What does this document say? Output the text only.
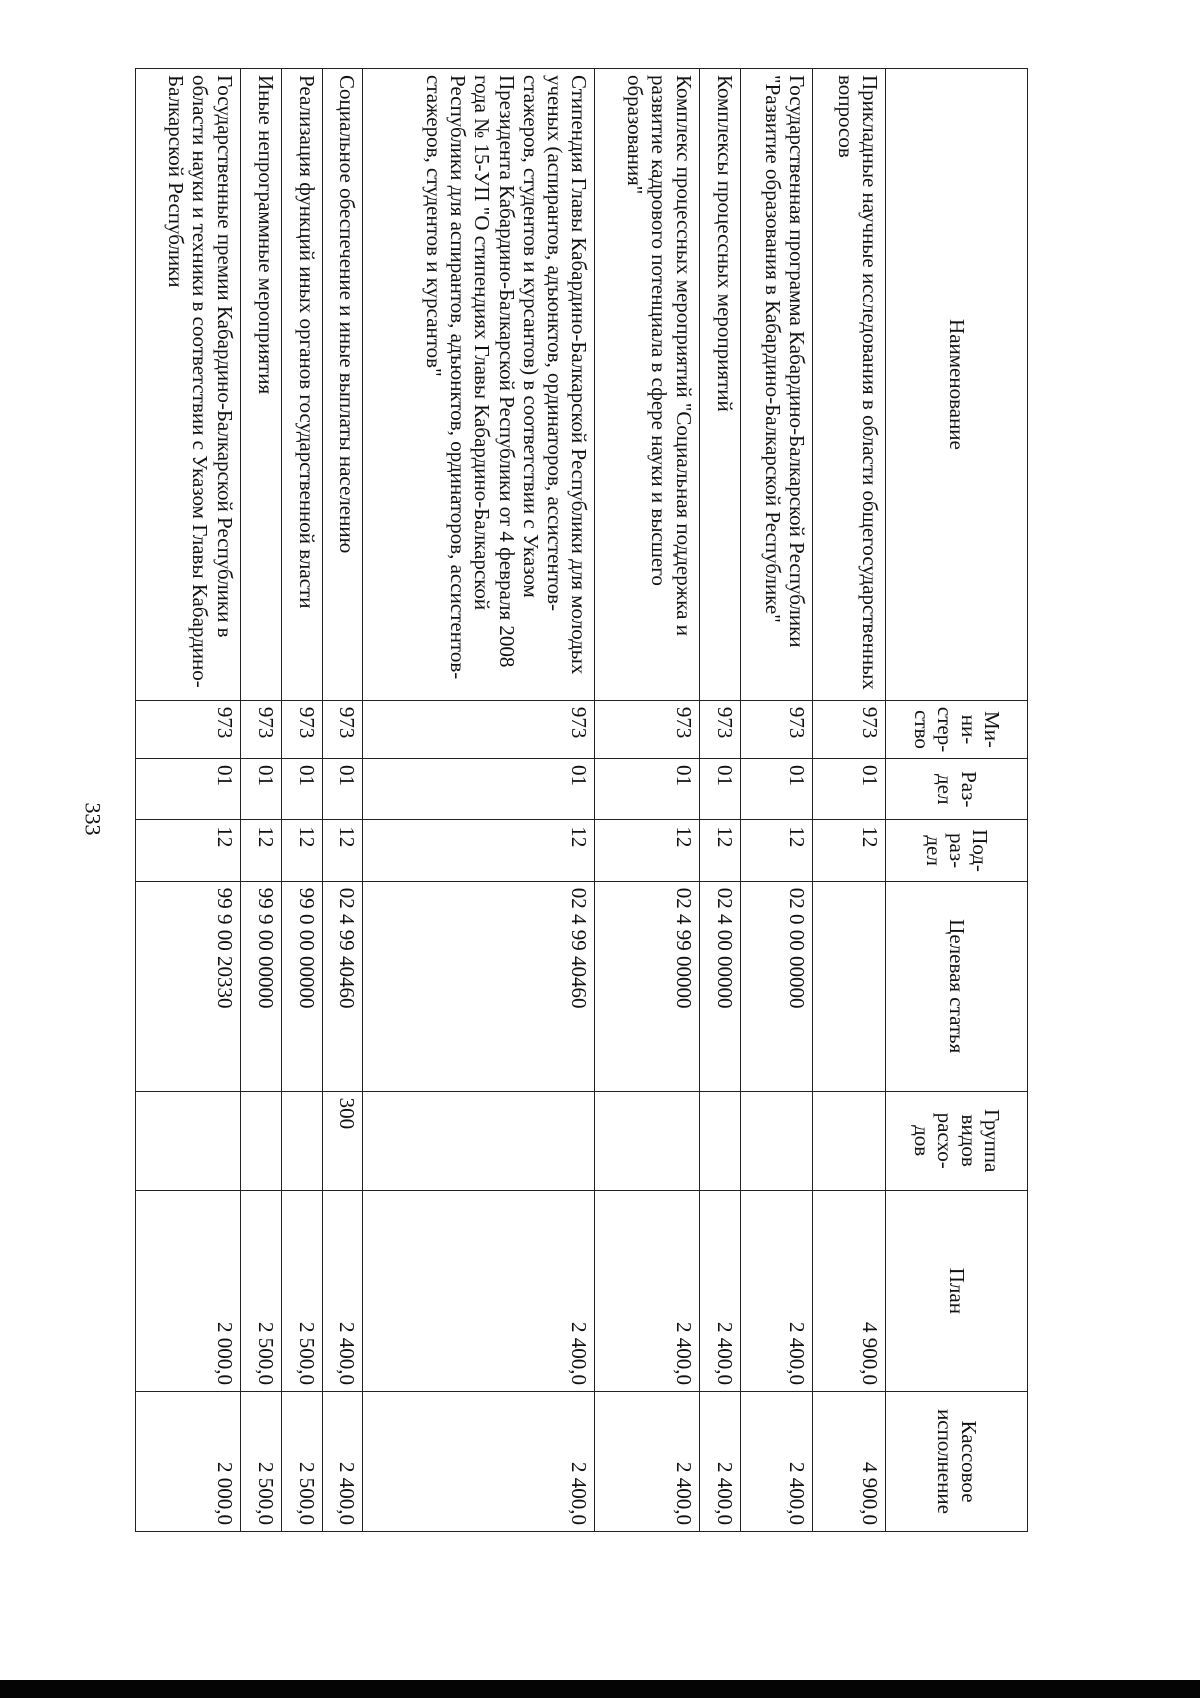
333
Наименование	Ми-ни-стер-ство	Раз-дел	Под-раз-дел	Целевая статья	Группа видов расхо-дов	План	Кассовое исполнение
Прикладные научные исследования в области общегосударственных вопросов	973	01	12			4 900,0	4 900,0
Государственная программа Кабардино-Балкарской Республики "Развитие образования в Кабардино-Балкарской Республике"	973	01	12	02 0 00 00000		2 400,0	2 400,0
Комплексы процессных мероприятий	973	01	12	02 4 00 00000		2 400,0	2 400,0
Комплекс процессных мероприятий "Социальная поддержка и развитие кадрового потенциала в сфере науки и высшего образования"	973	01	12	02 4 99 00000		2 400,0	2 400,0
Стипендия Главы Кабардино-Балкарской Республики для молодых ученых (аспирантов, адъюнктов, ординаторов, ассистентов-стажеров, студентов и курсантов) в соответствии с Указом Президента Кабардино-Балкарской Республики от 4 февраля 2008 года № 15-УП "О стипендиях Главы Кабардино-Балкарской Республики для аспирантов, адъюнктов, ординаторов, ассистентов-стажеров, студентов и курсантов"	973	01	12	02 4 99 40460		2 400,0	2 400,0
Социальное обеспечение и иные выплаты населению	973	01	12	02 4 99 40460	300	2 400,0	2 400,0
Реализация функций иных органов государственной власти	973	01	12	99 0 00 00000		2 500,0	2 500,0
Иные непрограммные мероприятия	973	01	12	99 9 00 00000		2 500,0	2 500,0
Государственные премии Кабардино-Балкарской Республики в области науки и техники в соответствии с Указом Главы Кабардино-Балкарской Республики	973	01	12	99 9 00 20330		2 000,0	2 000,0
